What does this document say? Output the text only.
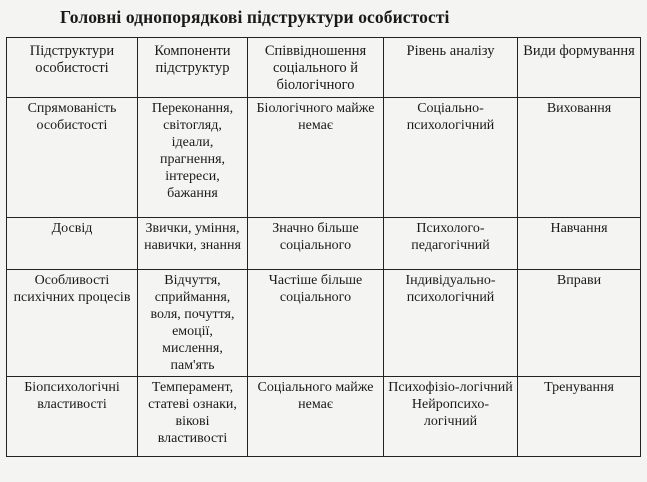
Головні однопорядкові підструктури особистості
Підструктури особистості	Компоненти підструктур	Співвідношення соціального й біологічного	Рівень аналізу	Види формування
Спрямованість особистості	Переконання, світогляд, ідеали, прагнення, інтереси, бажання	Біологічного майже немає	Соціально-психологічний	Виховання
Досвід	Звички, уміння, навички, знання	Значно більше соціального	Психолого-педагогічний	Навчання
Особливості психічних процесів	Відчуття, сприймання, воля, почуття, емоції, мислення, пам'ять	Частіше більше соціального	Індивідуально-психологічний	Вправи
Біопсихологічні властивості	Темперамент, статеві ознаки, вікові властивості	Соціального майже немає	Психофізіо-логічний Нейропсихо-логічний	Тренування
